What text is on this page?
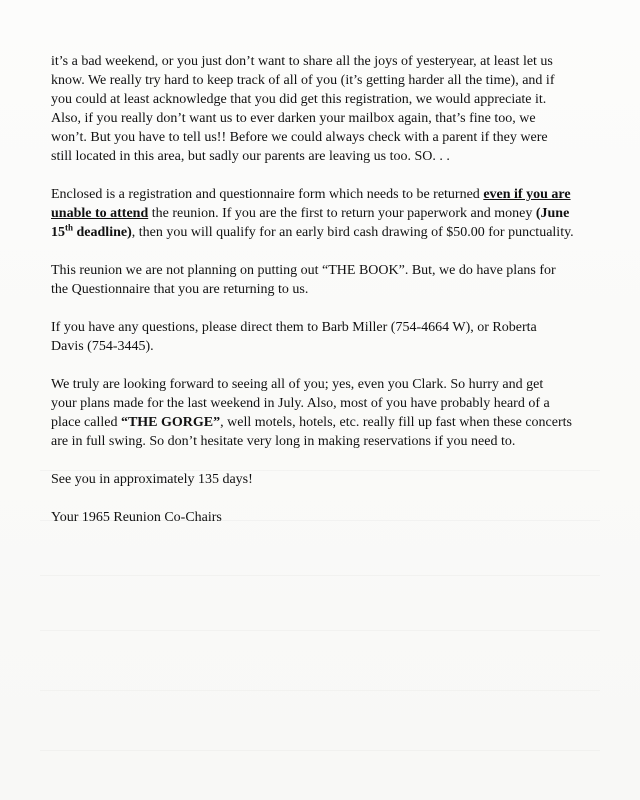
it’s a bad weekend, or you just don’t want to share all the joys of yesteryear, at least let us
know. We really try hard to keep track of all of you (it’s getting harder all the time), and if
you could at least acknowledge that you did get this registration, we would appreciate it.
Also, if you really don’t want us to ever darken your mailbox again, that’s fine too, we
won’t. But you have to tell us!! Before we could always check with a parent if they were
still located in this area, but sadly our parents are leaving us too. SO. . .

Enclosed is a registration and questionnaire form which needs to be returned even if you are
unable to attend the reunion. If you are the first to return your paperwork and money (June
15th deadline), then you will qualify for an early bird cash drawing of $50.00 for punctuality.

This reunion we are not planning on putting out “THE BOOK”. But, we do have plans for
the Questionnaire that you are returning to us.

If you have any questions, please direct them to Barb Miller (754-4664 W), or Roberta
Davis (754-3445).

We truly are looking forward to seeing all of you; yes, even you Clark. So hurry and get
your plans made for the last weekend in July. Also, most of you have probably heard of a
place called “THE GORGE”, well motels, hotels, etc. really fill up fast when these concerts
are in full swing. So don’t hesitate very long in making reservations if you need to.

See you in approximately 135 days!

Your 1965 Reunion Co-Chairs
